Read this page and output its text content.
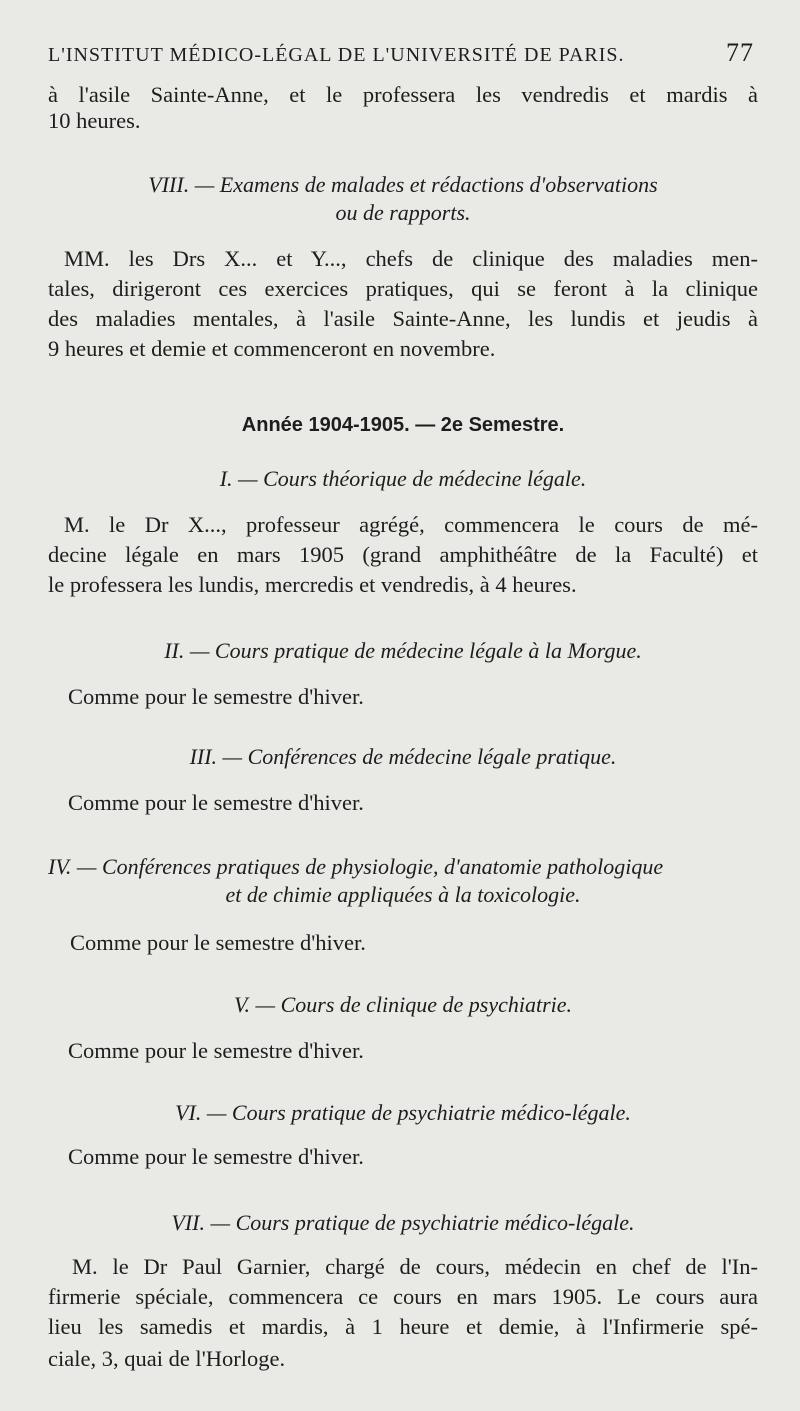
L'INSTITUT MÉDICO-LÉGAL DE L'UNIVERSITÉ DE PARIS.	77
à l'asile Sainte-Anne, et le professera les vendredis et mardis à
10 heures.
VIII. — Examens de malades et rédactions d'observations
ou de rapports.
MM. les Drs X... et Y..., chefs de clinique des maladies men-
tales, dirigeront ces exercices pratiques, qui se feront à la clinique
des maladies mentales, à l'asile Sainte-Anne, les lundis et jeudis à
9 heures et demie et commenceront en novembre.
Année 1904-1905. — 2e Semestre.
I. — Cours théorique de médecine légale.
M. le Dr X..., professeur agrégé, commencera le cours de mé-
decine légale en mars 1905 (grand amphithéâtre de la Faculté) et
le professera les lundis, mercredis et vendredis, à 4 heures.
II. — Cours pratique de médecine légale à la Morgue.
Comme pour le semestre d'hiver.
III. — Conférences de médecine légale pratique.
Comme pour le semestre d'hiver.
IV. — Conférences pratiques de physiologie, d'anatomie pathologique
et de chimie appliquées à la toxicologie.
Comme pour le semestre d'hiver.
V. — Cours de clinique de psychiatrie.
Comme pour le semestre d'hiver.
VI. — Cours pratique de psychiatrie médico-légale.
Comme pour le semestre d'hiver.
VII. — Cours pratique de psychiatrie médico-légale.
M. le Dr Paul Garnier, chargé de cours, médecin en chef de l'In-
firmerie spéciale, commencera ce cours en mars 1905. Le cours aura
lieu les samedis et mardis, à 1 heure et demie, à l'Infirmerie spé-
ciale, 3, quai de l'Horloge.
